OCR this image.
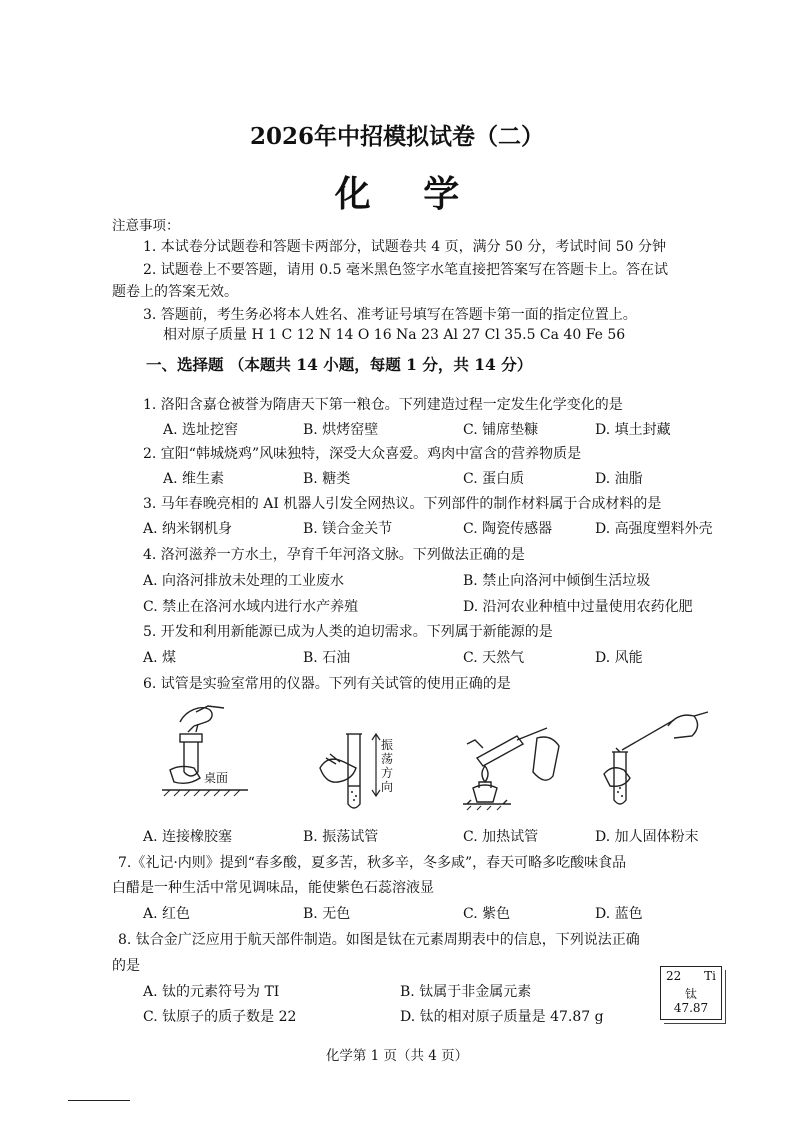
2026年中招模拟试卷（二）
化 学
注意事项：
1. 本试卷分试题卷和答题卡两部分，试题卷共 4 页，满分 50 分，考试时间 50 分钟
2. 试题卷上不要答题，请用 0.5 毫米黑色签字水笔直接把答案写在答题卡上。答在试
题卷上的答案无效。
3. 答题前，考生务必将本人姓名、准考证号填写在答题卡第一面的指定位置上。
相对原子质量 H 1 C 12 N 14 O 16 Na 23 Al 27 Cl 35.5 Ca 40 Fe 56
一、选择题 （本题共 14 小题，每题 1 分，共 14 分）
1. 洛阳含嘉仓被誉为隋唐天下第一粮仓。下列建造过程一定发生化学变化的是
A. 选址挖窖	B. 烘烤窑壁	C. 铺席垫糠	D. 填土封藏
2. 宜阳“韩城烧鸡”风味独特，深受大众喜爱。鸡肉中富含的营养物质是
A. 维生素	B. 糖类	C. 蛋白质	D. 油脂
3. 马年春晚亮相的 AI 机器人引发全网热议。下列部件的制作材料属于合成材料的是
A. 纳米钢机身	B. 镁合金关节	C. 陶瓷传感器	D. 高强度塑料外壳
4. 洛河滋养一方水土，孕育千年河洛文脉。下列做法正确的是
A. 向洛河排放未处理的工业废水	B. 禁止向洛河中倾倒生活垃圾
C. 禁止在洛河水域内进行水产养殖	D. 沿河农业种植中过量使用农药化肥
5. 开发和利用新能源已成为人类的迫切需求。下列属于新能源的是
A. 煤	B. 石油	C. 天然气	D. 风能
6. 试管是实验室常用的仪器。下列有关试管的使用正确的是
桌面
振
荡
方
向
A. 连接橡胶塞	B. 振荡试管	C. 加热试管	D. 加人固体粉末
7.《礼记·内则》提到“春多酸，夏多苦，秋多辛，冬多咸”，春天可略多吃酸味食品
白醋是一种生活中常见调味品，能使紫色石蕊溶液显
A. 红色	B. 无色	C. 紫色	D. 蓝色
8. 钛合金广泛应用于航天部件制造。如图是钛在元素周期表中的信息，下列说法正确
的是
A. 钛的元素符号为 TI	B. 钛属于非金属元素
C. 钛原子的质子数是 22	D. 钛的相对原子质量是 47.87 g
22 Ti
钛
47.87
化学第 1 页（共 4 页）
